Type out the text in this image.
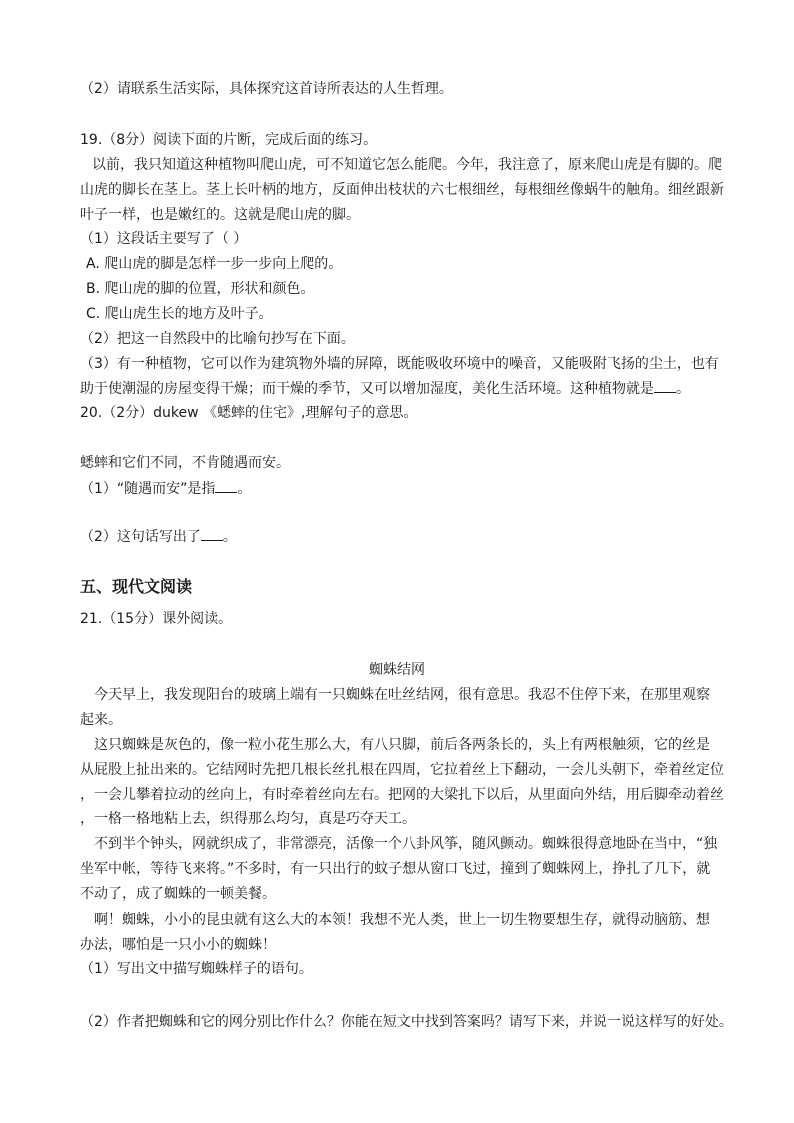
（2）请联系生活实际，具体探究这首诗所表达的人生哲理。
19.（8分）阅读下面的片断，完成后面的练习。
以前，我只知道这种植物叫爬山虎，可不知道它怎么能爬。今年，我注意了，原来爬山虎是有脚的。爬
山虎的脚长在茎上。茎上长叶柄的地方，反面伸出枝状的六七根细丝，每根细丝像蜗牛的触角。细丝跟新
叶子一样，也是嫩红的。这就是爬山虎的脚。
（1）这段话主要写了（ ）
A. 爬山虎的脚是怎样一步一步向上爬的。
B. 爬山虎的脚的位置，形状和颜色。
C. 爬山虎生长的地方及叶子。
（2）把这一自然段中的比喻句抄写在下面。
（3）有一种植物，它可以作为建筑物外墙的屏障，既能吸收环境中的噪音，又能吸附飞扬的尘土，也有
助于使潮湿的房屋变得干燥；而干燥的季节，又可以增加湿度，美化生活环境。这种植物就是 。
20.（2分）dukew 《蟋蟀的住宅》,理解句子的意思。
蟋蟀和它们不同，不肯随遇而安。
（1）“随遇而安”是指 。
（2）这句话写出了 。
五、现代文阅读
21.（15分）课外阅读。
蜘蛛结网
今天早上，我发现阳台的玻璃上端有一只蜘蛛在吐丝结网，很有意思。我忍不住停下来，在那里观察
起来。
这只蜘蛛是灰色的，像一粒小花生那么大，有八只脚，前后各两条长的，头上有两根触须，它的丝是
从屁股上扯出来的。它结网时先把几根长丝扎根在四周，它拉着丝上下翻动，一会儿头朝下，牵着丝定位
，一会儿攀着拉动的丝向上，有时牵着丝向左右。把网的大梁扎下以后，从里面向外结，用后脚牵动着丝
，一格一格地粘上去，织得那么均匀，真是巧夺天工。
不到半个钟头，网就织成了，非常漂亮，活像一个八卦风筝，随风颤动。蜘蛛很得意地卧在当中，“独
坐军中帐，等待飞来将。”不多时，有一只出行的蚊子想从窗口飞过，撞到了蜘蛛网上，挣扎了几下，就
不动了，成了蜘蛛的一顿美餐。
啊！蜘蛛，小小的昆虫就有这么大的本领！我想不光人类，世上一切生物要想生存，就得动脑筋、想
办法，哪怕是一只小小的蜘蛛！
（1）写出文中描写蜘蛛样子的语句。
（2）作者把蜘蛛和它的网分别比作什么？你能在短文中找到答案吗？请写下来，并说一说这样写的好处。
